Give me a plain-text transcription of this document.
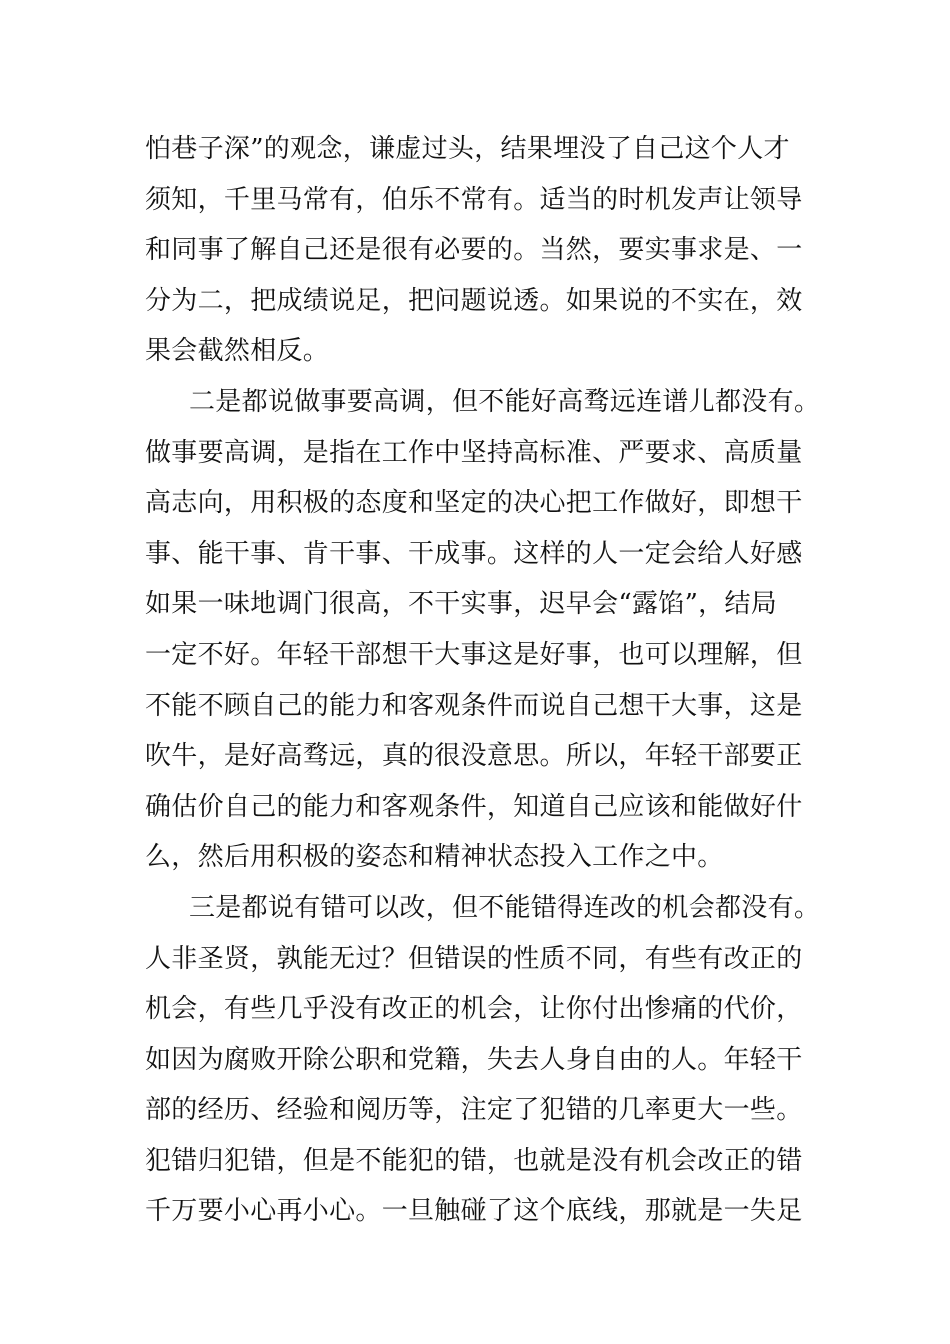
怕巷子深”的观念，谦虚过头，结果埋没了自己这个人才
须知，千里马常有，伯乐不常有。适当的时机发声让领导
和同事了解自己还是很有必要的。当然，要实事求是、一
分为二，把成绩说足，把问题说透。如果说的不实在，效
果会截然相反。
二是都说做事要高调，但不能好高骛远连谱儿都没有。
做事要高调，是指在工作中坚持高标准、严要求、高质量
高志向，用积极的态度和坚定的决心把工作做好，即想干
事、能干事、肯干事、干成事。这样的人一定会给人好感
如果一味地调门很高，不干实事，迟早会“露馅”，结局
一定不好。年轻干部想干大事这是好事，也可以理解，但
不能不顾自己的能力和客观条件而说自己想干大事，这是
吹牛，是好高骛远，真的很没意思。所以，年轻干部要正
确估价自己的能力和客观条件，知道自己应该和能做好什
么，然后用积极的姿态和精神状态投入工作之中。
三是都说有错可以改，但不能错得连改的机会都没有。
人非圣贤，孰能无过？但错误的性质不同，有些有改正的
机会，有些几乎没有改正的机会，让你付出惨痛的代价，
如因为腐败开除公职和党籍，失去人身自由的人。年轻干
部的经历、经验和阅历等，注定了犯错的几率更大一些。
犯错归犯错，但是不能犯的错，也就是没有机会改正的错
千万要小心再小心。一旦触碰了这个底线，那就是一失足
